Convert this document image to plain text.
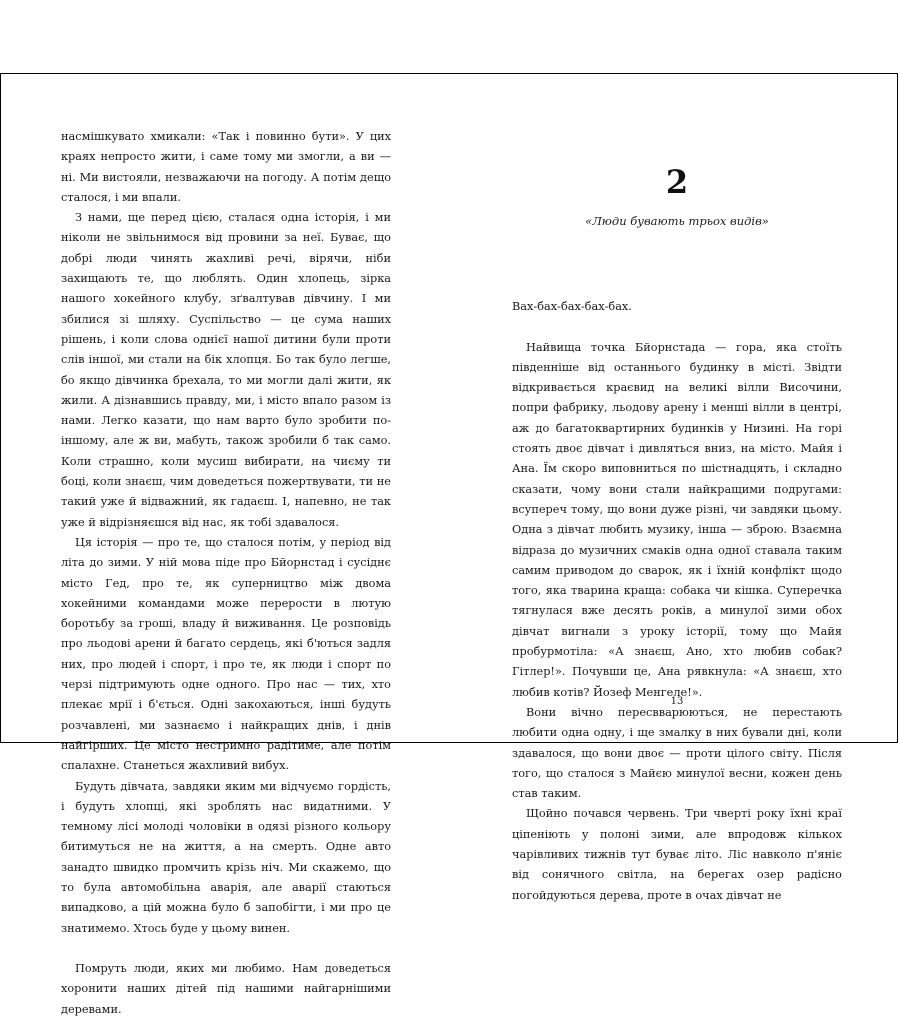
насмішкувато хмикали: «Так і повинно бути». У цих краях непросто жити, і саме тому ми змогли, а ви — ні. Ми вистояли, незважаючи на погоду. А потім дещо сталося, і ми впали.

З нами, ще перед цією, сталася одна історія, і ми ніколи не звільнимося від провини за неї. Буває, що добрі люди чинять жахливі речі, вірячи, ніби захищають те, що люблять. Один хлопець, зірка нашого хокейного клубу, зґвалтував дівчину. І ми збилися зі шляху. Суспільство — це сума наших рішень, і коли слова однієї нашої дитини були проти слів іншої, ми стали на бік хлопця. Бо так було легше, бо якщо дівчинка брехала, то ми могли далі жити, як жили. А дізнавшись правду, ми, і місто впало разом із нами. Легко казати, що нам варто було зробити по-іншому, але ж ви, мабуть, також зробили б так само. Коли страшно, коли мусиш вибирати, на чиєму ти боці, коли знаєш, чим доведеться пожертвувати, ти не такий уже й відважний, як гадаєш. І, напевно, не так уже й відрізняєшся від нас, як тобі здавалося.

Ця історія — про те, що сталося потім, у період від літа до зими. У ній мова піде про Бйорнстад і сусіднє місто Гед, про те, як суперництво між двома хокейними командами може перерости в лютую боротьбу за гроші, владу й виживання. Це розповідь про льодові арени й багато сердець, які б'ються задля них, про людей і спорт, і про те, як люди і спорт по черзі підтримують одне одного. Про нас — тих, хто плекає мрії і б'ється. Одні закохаються, інші будуть розчавлені, ми зазнаємо і найкращих днів, і днів найгірших. Це місто нестримно радітиме, але потім спалахне. Станеться жахливий вибух.

Будуть дівчата, завдяки яким ми відчуємо гордість, і будуть хлопці, які зроблять нас видатними. У темному лісі молоді чоловіки в одязі різного кольору битимуться не на життя, а на смерть. Одне авто занадто швидко промчить крізь ніч. Ми скажемо, що то була автомобільна аварія, але аварії стаються випадково, а цій можна було б запобігти, і ми про це знатимемо. Хтось буде у цьому винен.

Помруть люди, яких ми любимо. Нам доведеться хоронити наших дітей під нашими найгарнішими деревами.

2
«Люди бувають трьох видів»

Вах-бах-бах-бах-бах.

Найвища точка Бйорнстада — гора, яка стоїть південніше від останнього будинку в місті. Звідти відкривається краєвид на великі вілли Височини, попри фабрику, льодову арену і менші вілли в центрі, аж до багатоквартирних будинків у Низині. На горі стоять двоє дівчат і дивляться вниз, на місто. Майя і Ана. Їм скоро виповниться по шістнадцять, і складно сказати, чому вони стали найкращими подругами: всупереч тому, що вони дуже різні, чи завдяки цьому. Одна з дівчат любить музику, інша — зброю. Взаємна відраза до музичних смаків одна одної ставала таким самим приводом до сварок, як і їхній конфлікт щодо того, яка тварина краща: собака чи кішка. Суперечка тягнулася вже десять років, а минулої зими обох дівчат вигнали з уроку історії, тому що Майя пробурмотіла: «А знаєш, Ано, хто любив собак? Гітлер!». Почувши це, Ана рявкнула: «А знаєш, хто любив котів? Йозеф Менгеле!».

Вони вічно пересвварюються, не перестають любити одна одну, і ще змалку в них бували дні, коли здавалося, що вони двоє — проти цілого світу. Після того, що сталося з Майєю минулої весни, кожен день став таким.

Щойно почався червень. Три чверті року їхні краї ціпеніють у полоні зими, але впродовж кількох чарівливих тижнів тут буває літо. Ліс навколо п'яніє від сонячного світла, на берегах озер радісно погойдуються дерева, проте в очах дівчат не

13
